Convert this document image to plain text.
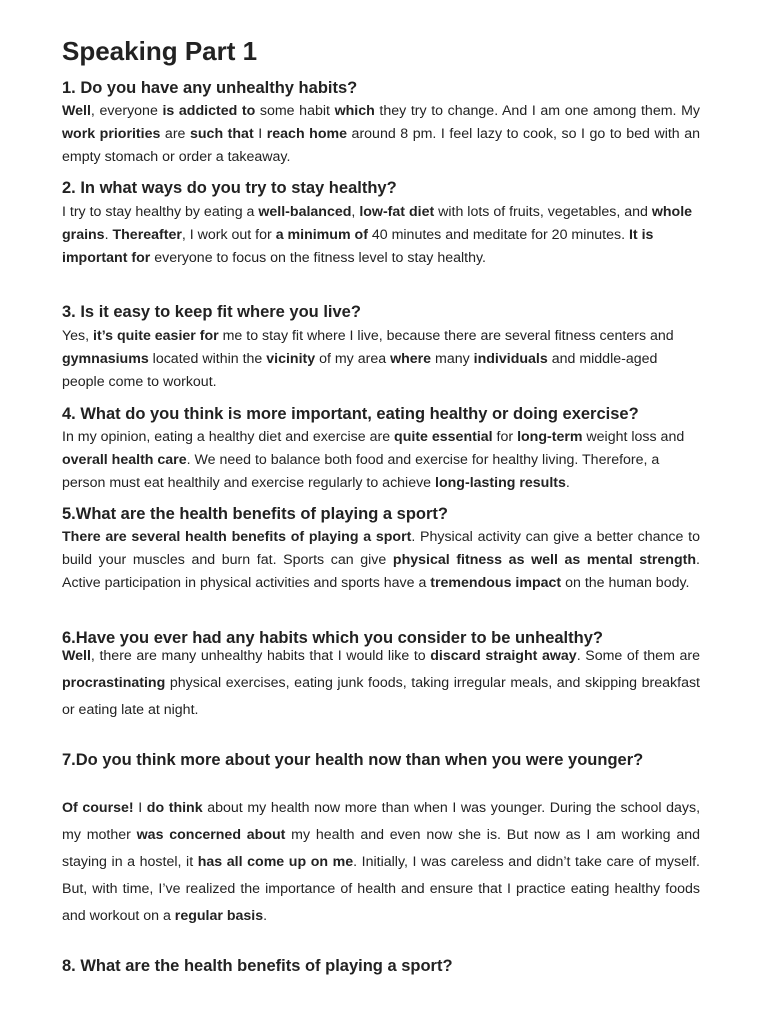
Speaking Part 1
1. Do you have any unhealthy habits?

Well, everyone is addicted to some habit which they try to change. And I am one among them. My work priorities are such that I reach home around 8 pm. I feel lazy to cook, so I go to bed with an empty stomach or order a takeaway.

2. In what ways do you try to stay healthy?

I try to stay healthy by eating a well-balanced, low-fat diet with lots of fruits, vegetables, and whole grains. Thereafter, I work out for a minimum of 40 minutes and meditate for 20 minutes. It is important for everyone to focus on the fitness level to stay healthy.

3. Is it easy to keep fit where you live?

Yes, it’s quite easier for me to stay fit where I live, because there are several fitness centers and gymnasiums located within the vicinity of my area where many individuals and middle-aged people come to workout.

4. What do you think is more important, eating healthy or doing exercise?

In my opinion, eating a healthy diet and exercise are quite essential for long-term weight loss and overall health care. We need to balance both food and exercise for healthy living. Therefore, a person must eat healthily and exercise regularly to achieve long-lasting results.

5.What are the health benefits of playing a sport?

There are several health benefits of playing a sport. Physical activity can give a better chance to build your muscles and burn fat. Sports can give physical fitness as well as mental strength. Active participation in physical activities and sports have a tremendous impact on the human body.

6.Have you ever had any habits which you consider to be unhealthy?

Well, there are many unhealthy habits that I would like to discard straight away. Some of them are procrastinating physical exercises, eating junk foods, taking irregular meals, and skipping breakfast or eating late at night.

7.Do you think more about your health now than when you were younger?

Of course! I do think about my health now more than when I was younger. During the school days, my mother was concerned about my health and even now she is. But now as I am working and staying in a hostel, it has all come up on me. Initially, I was careless and didn’t take care of myself. But, with time, I’ve realized the importance of health and ensure that I practice eating healthy foods and workout on a regular basis.

8. What are the health benefits of playing a sport?
